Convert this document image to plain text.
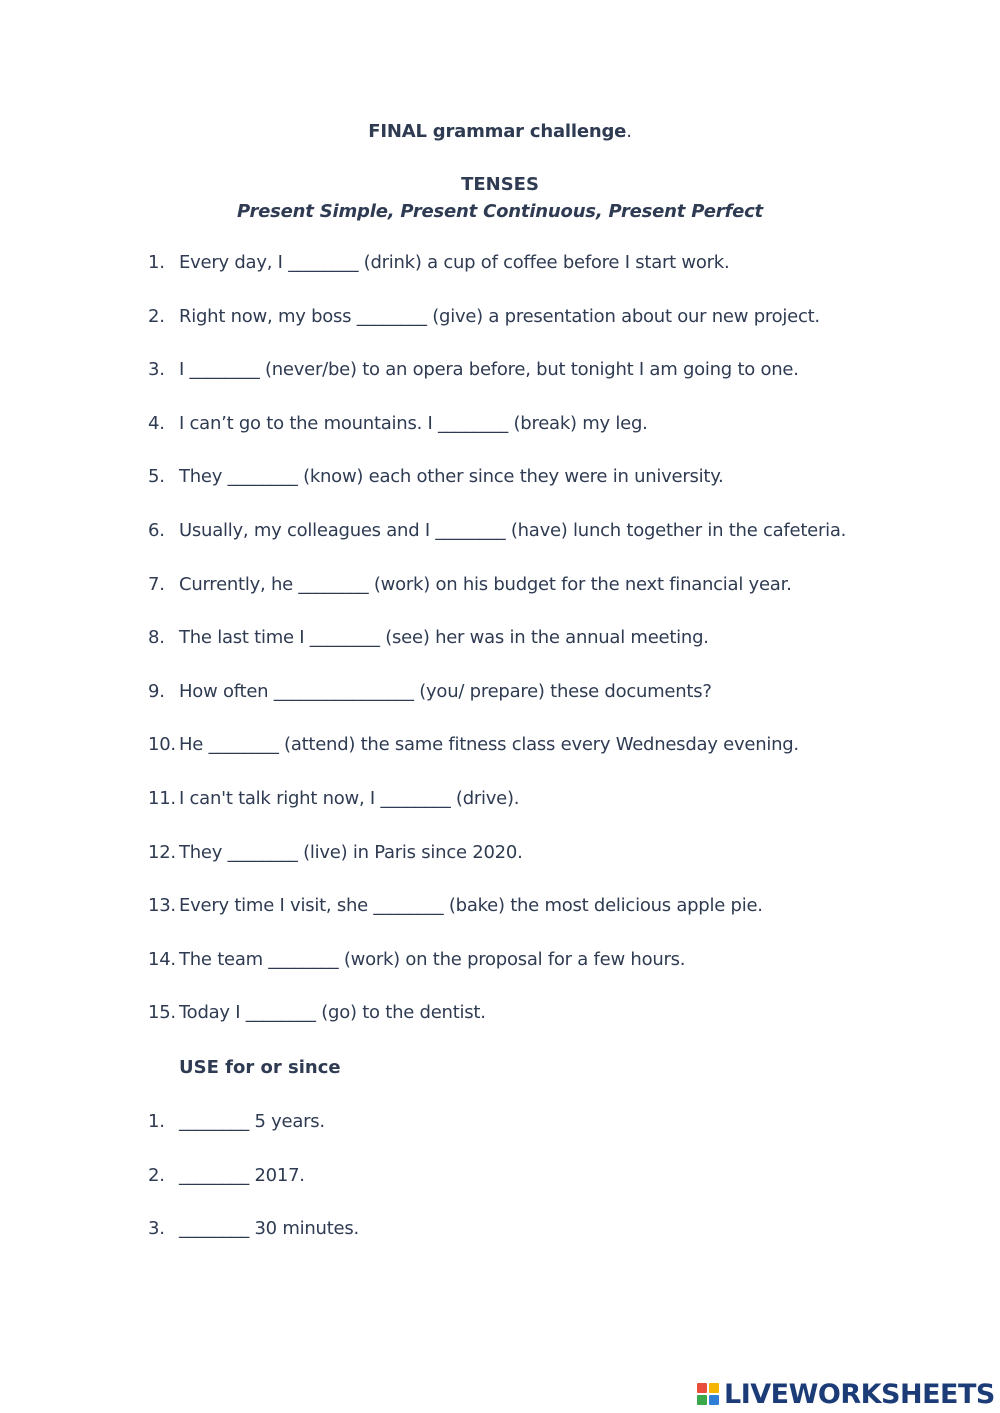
FINAL grammar challenge.
TENSES
Present Simple, Present Continuous, Present Perfect
1. Every day, I ________ (drink) a cup of coffee before I start work.
2. Right now, my boss ________ (give) a presentation about our new project.
3. I ________ (never/be) to an opera before, but tonight I am going to one.
4. I can’t go to the mountains. I ________ (break) my leg.
5. They ________ (know) each other since they were in university.
6. Usually, my colleagues and I ________ (have) lunch together in the cafeteria.
7. Currently, he ________ (work) on his budget for the next financial year.
8. The last time I ________ (see) her was in the annual meeting.
9. How often ________________ (you/ prepare) these documents?
10. He ________ (attend) the same fitness class every Wednesday evening.
11. I can't talk right now, I ________ (drive).
12. They ________ (live) in Paris since 2020.
13. Every time I visit, she ________ (bake) the most delicious apple pie.
14. The team ________ (work) on the proposal for a few hours.
15. Today I ________ (go) to the dentist.
USE for or since
1. ________ 5 years.
2. ________ 2017.
3. ________ 30 minutes.
LIVEWORKSHEETS
